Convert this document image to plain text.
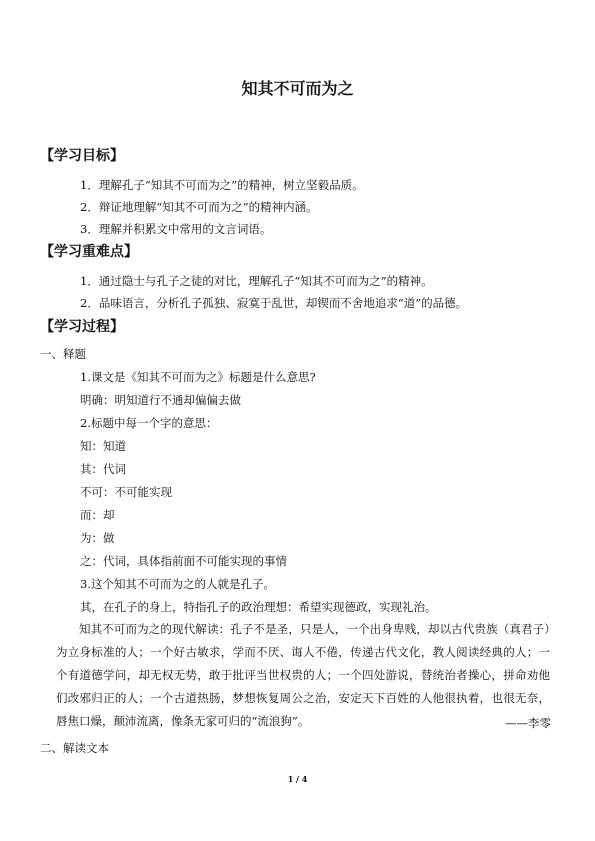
知其不可而为之
【学习目标】
1．理解孔子“知其不可而为之”的精神，树立坚毅品质。
2．辩证地理解“知其不可而为之”的精神内涵。
3．理解并积累文中常用的文言词语。
【学习重难点】
1．通过隐士与孔子之徒的对比，理解孔子“知其不可而为之”的精神。
2．品味语言，分析孔子孤独、寂寞于乱世，却锲而不舍地追求“道”的品德。
【学习过程】
一、释题
1.课文是《知其不可而为之》标题是什么意思?
明确：明知道行不通却偏偏去做
2.标题中每一个字的意思：
知：知道
其：代词
不可：不可能实现
而：却
为：做
之：代词，具体指前面不可能实现的事情
3.这个知其不可而为之的人就是孔子。
其，在孔子的身上，特指孔子的政治理想：希望实现德政，实现礼治。
知其不可而为之的现代解读：孔子不是圣，只是人，一个出身卑贱，却以古代贵族（真君子）为立身标准的人；一个好古敏求，学而不厌、诲人不倦，传递古代文化，教人阅读经典的人；一个有道德学问，却无权无势，敢于批评当世权贵的人；一个四处游说，替统治者操心，拼命劝他们改邪归正的人；一个古道热肠，梦想恢复周公之治，安定天下百姓的人他很执着，也很无奈，唇焦口燥，颠沛流离，像条无家可归的“流浪狗”。	——李零
二、解读文本
1 / 4
